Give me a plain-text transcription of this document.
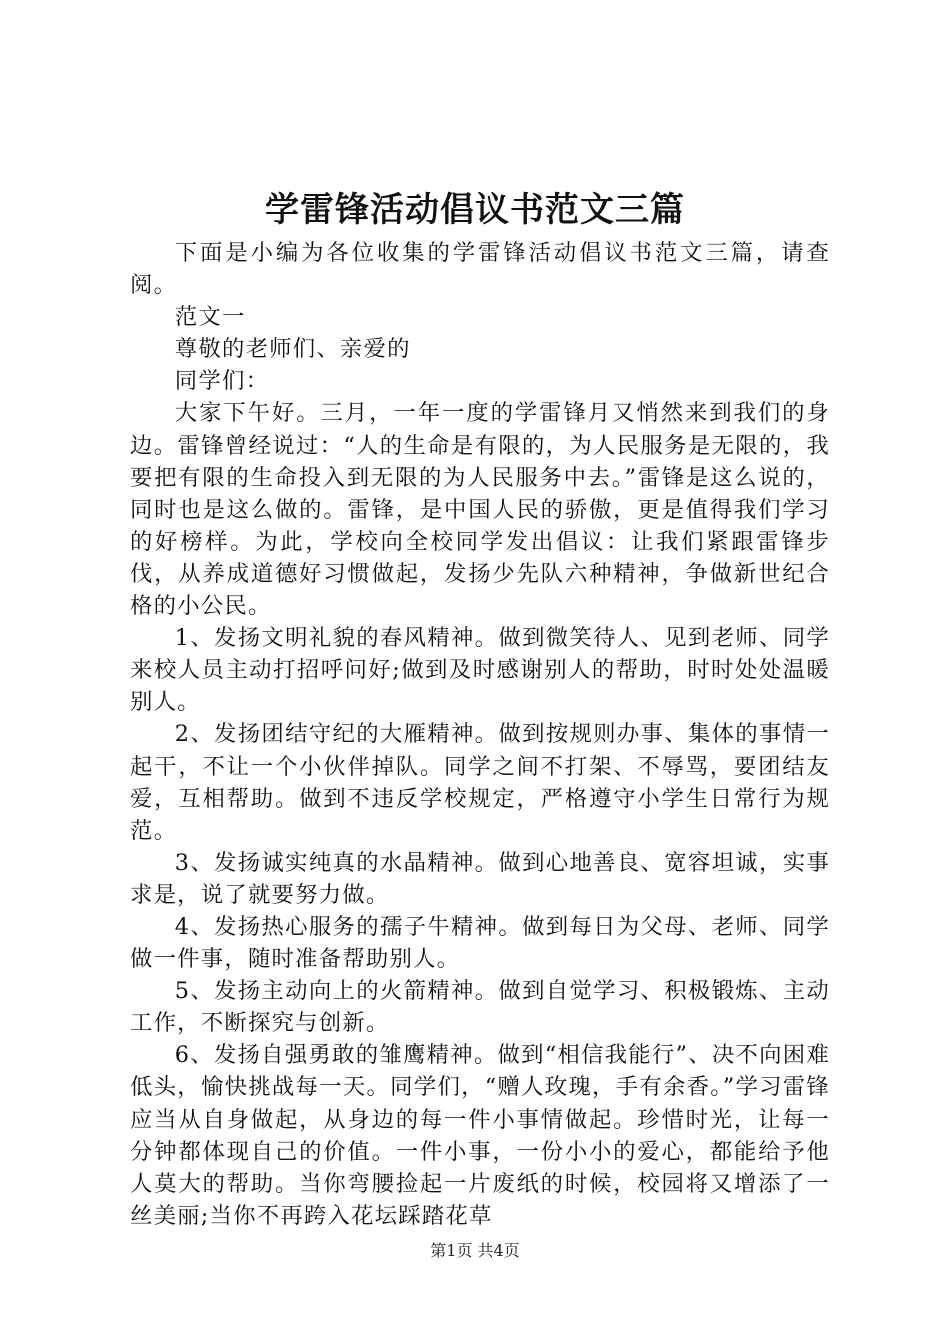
学雷锋活动倡议书范文三篇

下面是小编为各位收集的学雷锋活动倡议书范文三篇，请查阅。

范文一

尊敬的老师们、亲爱的

同学们：

大家下午好。三月，一年一度的学雷锋月又悄然来到我们的身边。雷锋曾经说过：“人的生命是有限的，为人民服务是无限的，我要把有限的生命投入到无限的为人民服务中去。”雷锋是这么说的，同时也是这么做的。雷锋，是中国人民的骄傲，更是值得我们学习的好榜样。为此，学校向全校同学发出倡议：让我们紧跟雷锋步伐，从养成道德好习惯做起，发扬少先队六种精神，争做新世纪合格的小公民。

1、发扬文明礼貌的春风精神。做到微笑待人、见到老师、同学来校人员主动打招呼问好;做到及时感谢别人的帮助，时时处处温暖别人。

2、发扬团结守纪的大雁精神。做到按规则办事、集体的事情一起干，不让一个小伙伴掉队。同学之间不打架、不辱骂，要团结友爱，互相帮助。做到不违反学校规定，严格遵守小学生日常行为规范。

3、发扬诚实纯真的水晶精神。做到心地善良、宽容坦诚，实事求是，说了就要努力做。

4、发扬热心服务的孺子牛精神。做到每日为父母、老师、同学做一件事，随时准备帮助别人。

5、发扬主动向上的火箭精神。做到自觉学习、积极锻炼、主动工作，不断探究与创新。

6、发扬自强勇敢的雏鹰精神。做到“相信我能行”、决不向困难低头，愉快挑战每一天。同学们，“赠人玫瑰，手有余香。”学习雷锋应当从自身做起，从身边的每一件小事情做起。珍惜时光，让每一分钟都体现自己的价值。一件小事，一份小小的爱心，都能给予他人莫大的帮助。当你弯腰捡起一片废纸的时候，校园将又增添了一丝美丽;当你不再跨入花坛踩踏花草

第1页 共4页
